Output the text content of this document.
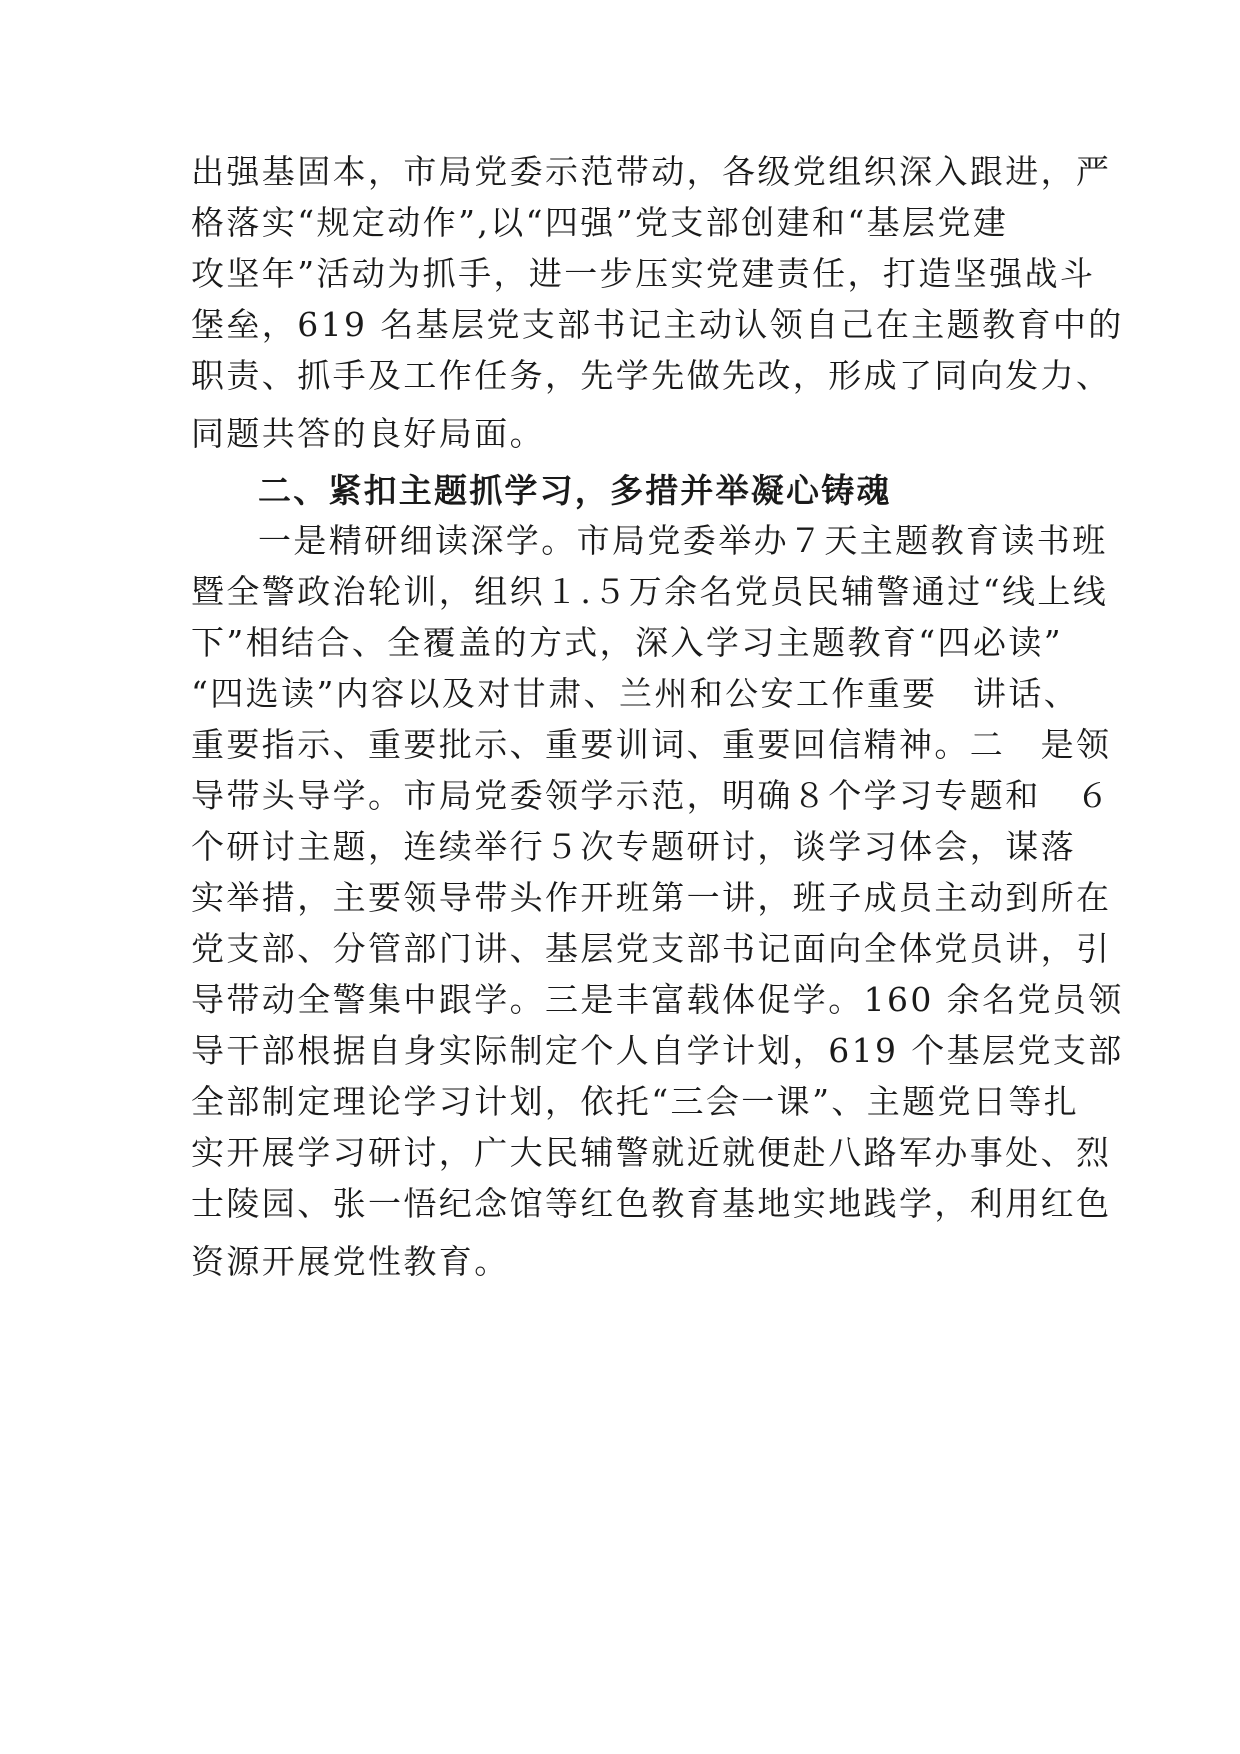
出强基固本，市局党委示范带动，各级党组织深入跟进，严
格落实“规定动作”,以“四强”党支部创建和“基层党建
攻坚年”活动为抓手，进一步压实党建责任，打造坚强战斗
堡垒，619 名基层党支部书记主动认领自己在主题教育中的
职责、抓手及工作任务，先学先做先改，形成了同向发力、
同题共答的良好局面。
二、紧扣主题抓学习，多措并举凝心铸魂
一是精研细读深学。市局党委举办７天主题教育读书班
暨全警政治轮训，组织１.５万余名党员民辅警通过“线上线
下”相结合、全覆盖的方式，深入学习主题教育“四必读”
“四选读”内容以及对甘肃、兰州和公安工作重要　讲话、
重要指示、重要批示、重要训词、重要回信精神。二　是领
导带头导学。市局党委领学示范，明确８个学习专题和　６
个研讨主题，连续举行５次专题研讨，谈学习体会，谋落
实举措，主要领导带头作开班第一讲，班子成员主动到所在
党支部、分管部门讲、基层党支部书记面向全体党员讲，引
导带动全警集中跟学。三是丰富载体促学。160 余名党员领
导干部根据自身实际制定个人自学计划，619 个基层党支部
全部制定理论学习计划，依托“三会一课”、主题党日等扎
实开展学习研讨，广大民辅警就近就便赴八路军办事处、烈
士陵园、张一悟纪念馆等红色教育基地实地践学，利用红色
资源开展党性教育。
